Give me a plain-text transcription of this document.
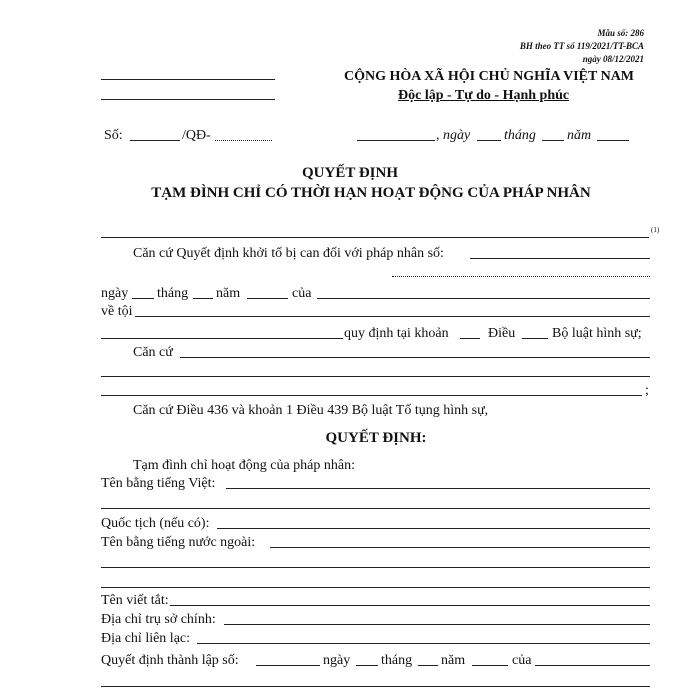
Mẫu số: 286
BH theo TT số 119/2021/TT-BCA
ngày 08/12/2021
CỘNG HÒA XÃ HỘI CHỦ NGHĨA VIỆT NAM
Độc lập - Tự do - Hạnh phúc
Số:	/QĐ-	, ngày tháng năm
QUYẾT ĐỊNH
TẠM ĐÌNH CHỈ CÓ THỜI HẠN HOẠT ĐỘNG CỦA PHÁP NHÂN
(1)
Căn cứ Quyết định khởi tố bị can đối với pháp nhân số:
ngày tháng năm	của
về tội
quy định tại khoản	Điều	Bộ luật hình sự;
Căn cứ
;
Căn cứ Điều 436 và khoản 1 Điều 439 Bộ luật Tố tụng hình sự,
QUYẾT ĐỊNH:
Tạm đình chỉ hoạt động của pháp nhân:
Tên bằng tiếng Việt:
Quốc tịch (nếu có):
Tên bằng tiếng nước ngoài:
Tên viết tắt:
Địa chỉ trụ sở chính:
Địa chỉ liên lạc:
Quyết định thành lập số:	ngày tháng năm	của
